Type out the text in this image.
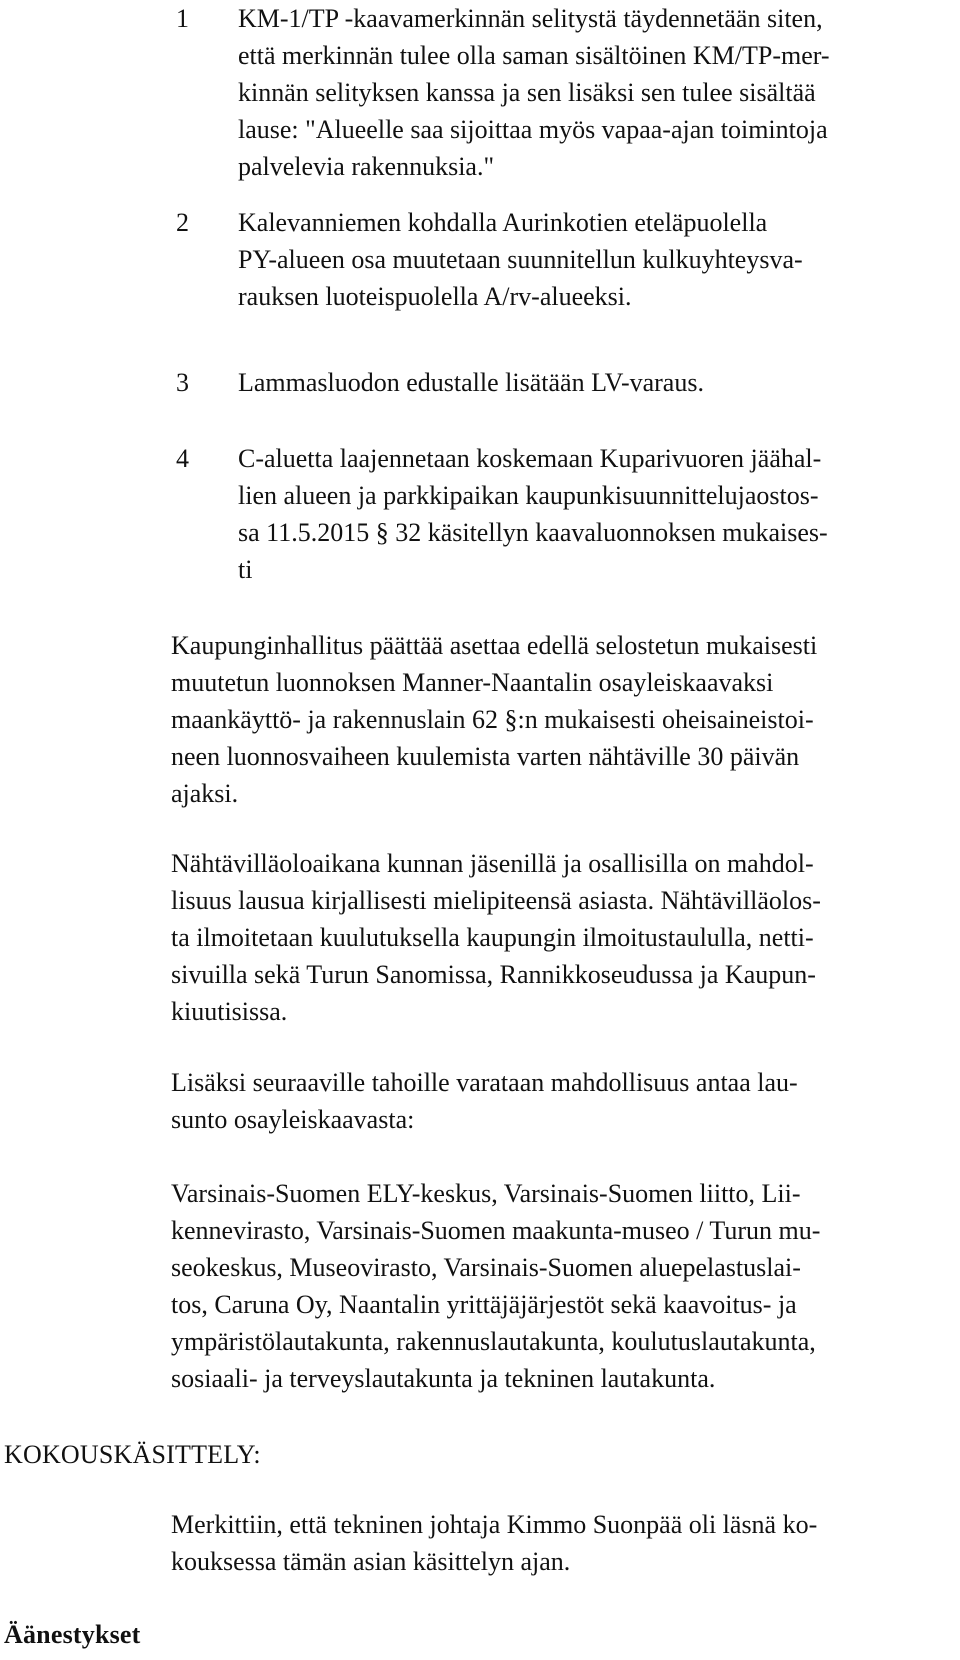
1 KM-1/TP -kaavamerkinnän selitystä täydennetään siten,
että merkinnän tulee olla saman sisältöinen KM/TP-mer-
kinnän selityksen kanssa ja sen lisäksi sen tulee sisältää
lause: "Alueelle saa sijoittaa myös vapaa-ajan toimintoja
palvelevia rakennuksia."

2 Kalevanniemen kohdalla Aurinkotien eteläpuolella
PY-alueen osa muutetaan suunnitellun kulkuyhteysva-
rauksen luoteispuolella A/rv-alueeksi.

3 Lammasluodon edustalle lisätään LV-varaus.

4 C-aluetta laajennetaan koskemaan Kuparivuoren jäähal-
lien alueen ja parkkipaikan kaupunkisuunnittelujaostos-
sa 11.5.2015 § 32 käsitellyn kaavaluonnoksen mukaises-
ti

Kaupunginhallitus päättää asettaa edellä selostetun mukaisesti
muutetun luonnoksen Manner-Naantalin osayleiskaavaksi
maankäyttö- ja rakennuslain 62 §:n mukaisesti oheisaineistoi-
neen luonnosvaiheen kuulemista varten nähtäville 30 päivän
ajaksi.

Nähtävilläoloaikana kunnan jäsenillä ja osallisilla on mahdol-
lisuus lausua kirjallisesti mielipiteensä asiasta. Nähtävilläolos-
ta ilmoitetaan kuulutuksella kaupungin ilmoitustaululla, netti-
sivuilla sekä Turun Sanomissa, Rannikkoseudussa ja Kaupun-
kiuutisissa.

Lisäksi seuraaville tahoille varataan mahdollisuus antaa lau-
sunto osayleiskaavasta:

Varsinais-Suomen ELY-keskus, Varsinais-Suomen liitto, Lii-
kennevirasto, Varsinais-Suomen maakunta-museo / Turun mu-
seokeskus, Museovirasto, Varsinais-Suomen aluepelastuslai-
tos, Caruna Oy, Naantalin yrittäjäjärjestöt sekä kaavoitus- ja
ympäristölautakunta, rakennuslautakunta, koulutuslautakunta,
sosiaali- ja terveyslautakunta ja tekninen lautakunta.

KOKOUSKÄSITTELY:

Merkittiin, että tekninen johtaja Kimmo Suonpää oli läsnä ko-
kouksessa tämän asian käsittelyn ajan.

Äänestykset
